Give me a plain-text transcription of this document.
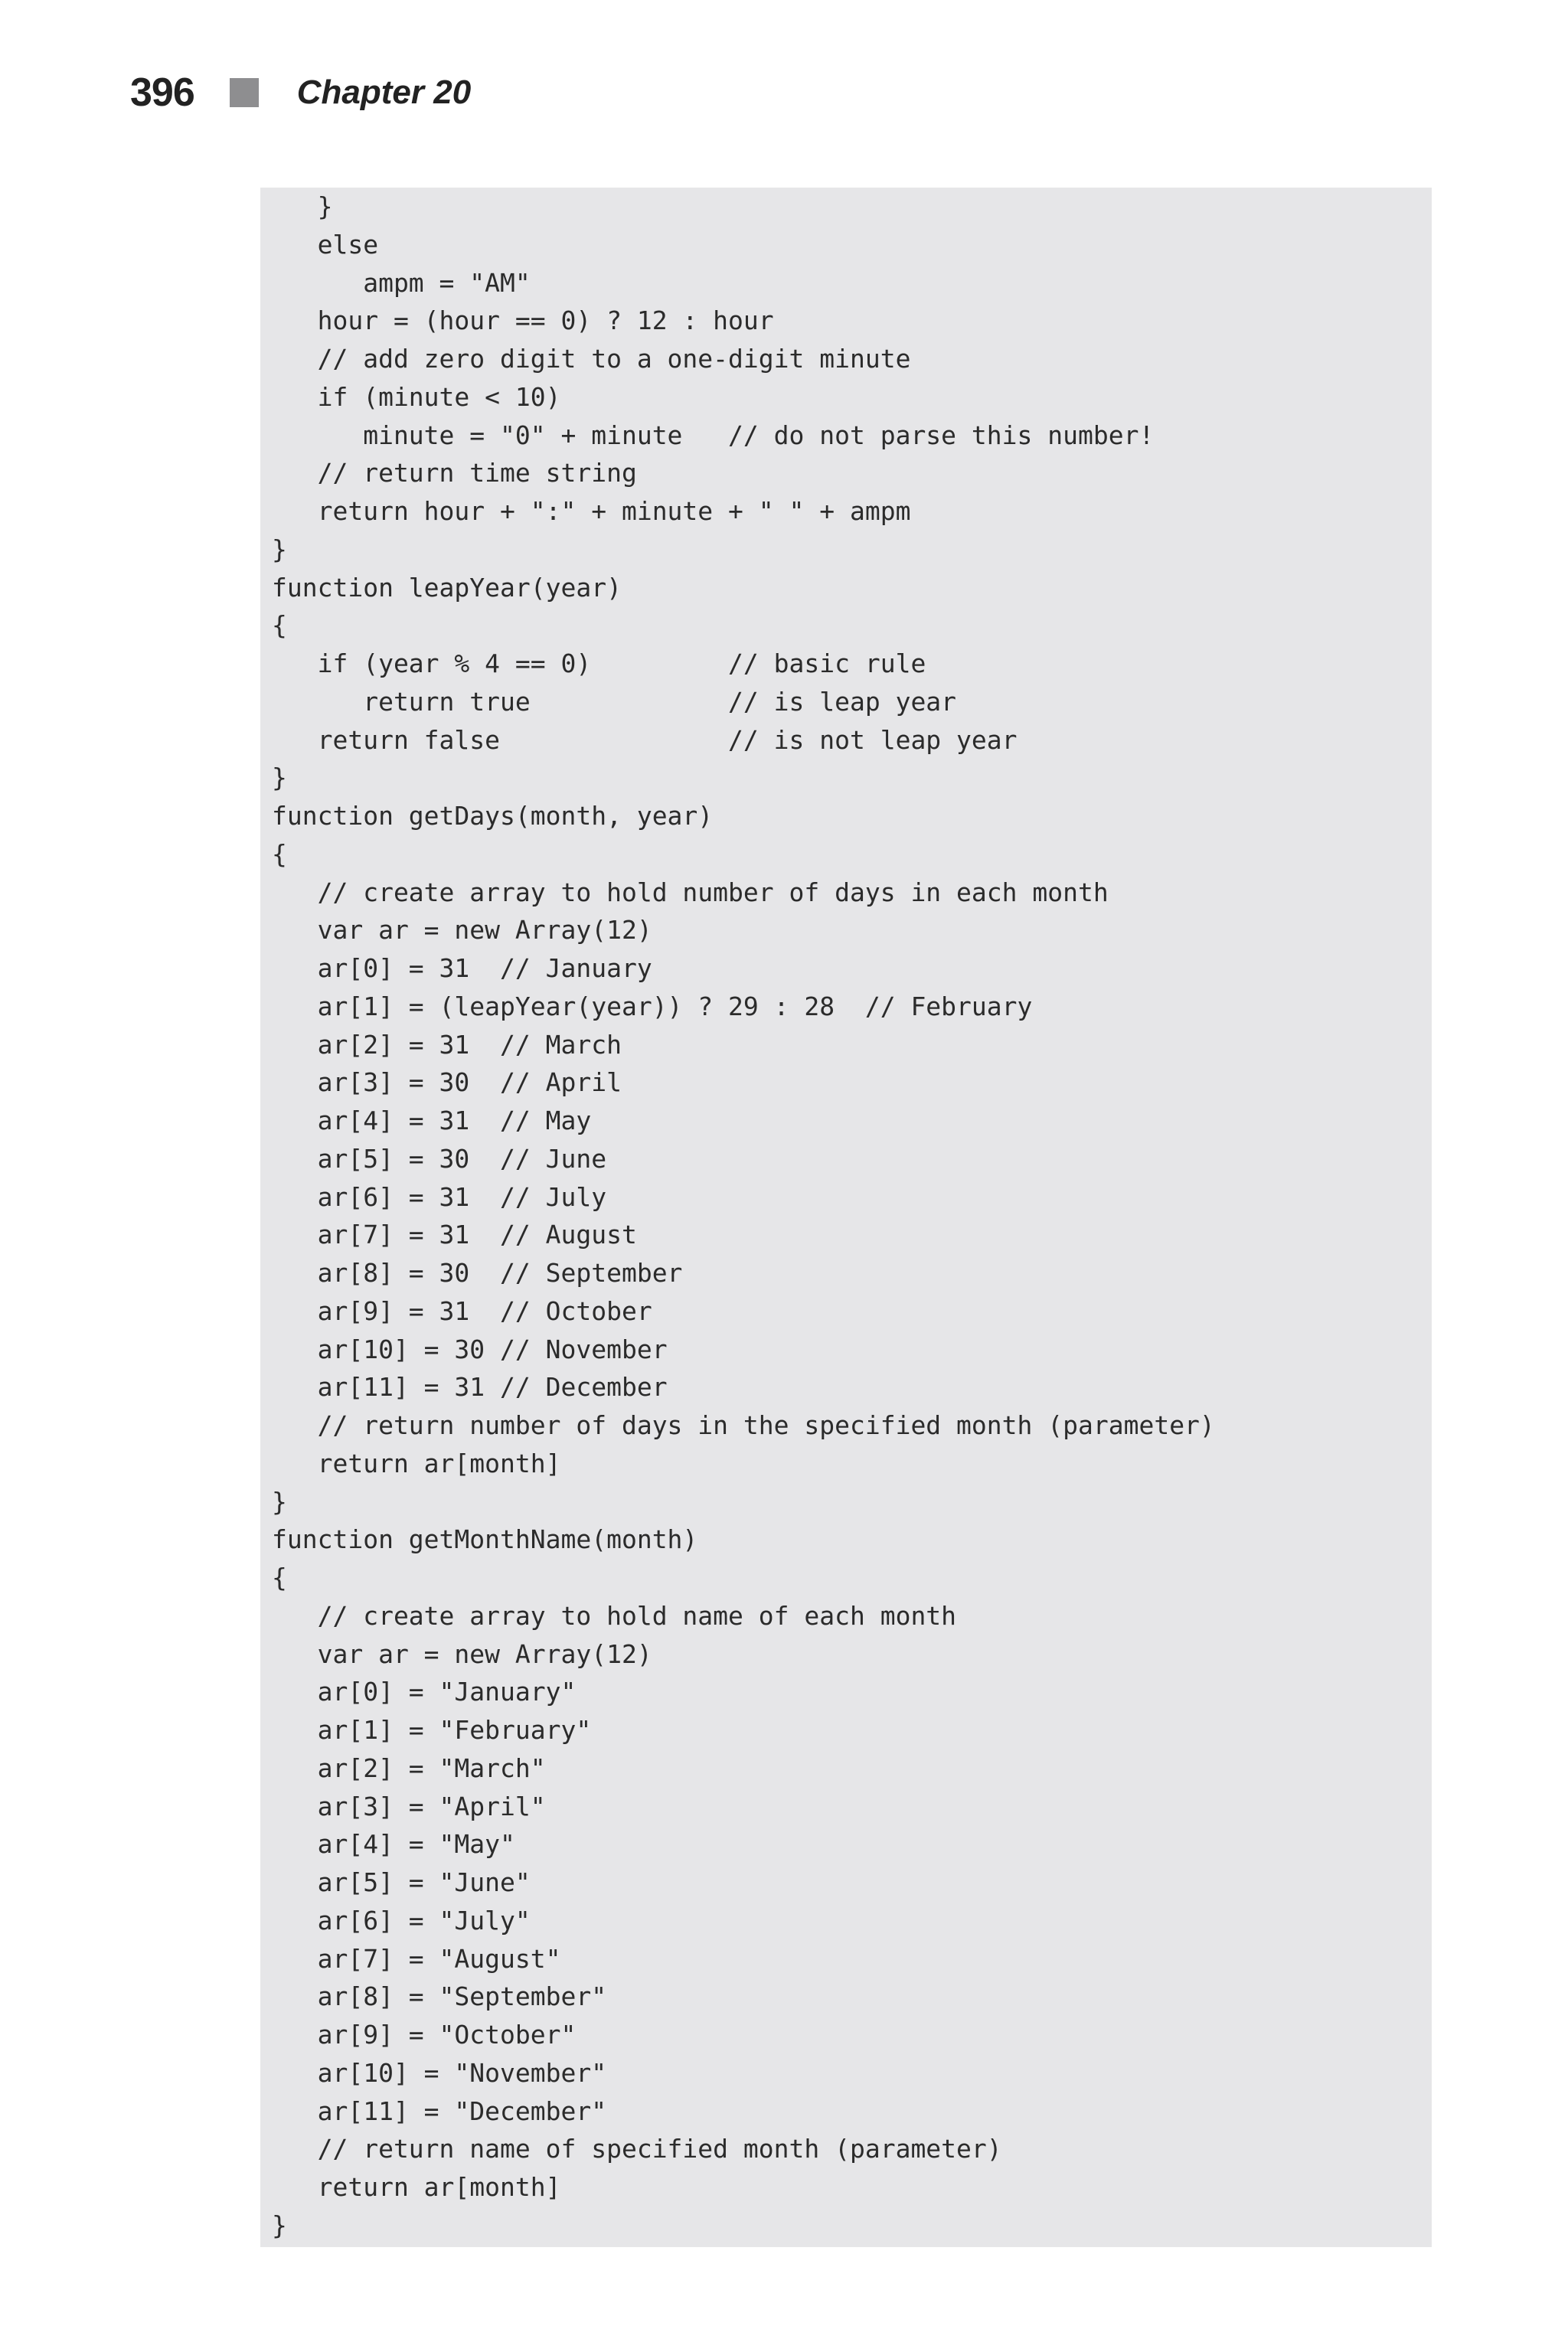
396	Chapter 20
}
else
ampm = "AM"
hour = (hour == 0) ? 12 : hour
// add zero digit to a one-digit minute
if (minute < 10)
minute = "0" + minute   // do not parse this number!
// return time string
return hour + ":" + minute + " " + ampm
}
function leapYear(year)
{
if (year % 4 == 0)         // basic rule
return true             // is leap year
return false               // is not leap year
}
function getDays(month, year)
{
// create array to hold number of days in each month
var ar = new Array(12)
ar[0] = 31  // January
ar[1] = (leapYear(year)) ? 29 : 28  // February
ar[2] = 31  // March
ar[3] = 30  // April
ar[4] = 31  // May
ar[5] = 30  // June
ar[6] = 31  // July
ar[7] = 31  // August
ar[8] = 30  // September
ar[9] = 31  // October
ar[10] = 30 // November
ar[11] = 31 // December
// return number of days in the specified month (parameter)
return ar[month]
}
function getMonthName(month)
{
// create array to hold name of each month
var ar = new Array(12)
ar[0] = "January"
ar[1] = "February"
ar[2] = "March"
ar[3] = "April"
ar[4] = "May"
ar[5] = "June"
ar[6] = "July"
ar[7] = "August"
ar[8] = "September"
ar[9] = "October"
ar[10] = "November"
ar[11] = "December"
// return name of specified month (parameter)
return ar[month]
}
